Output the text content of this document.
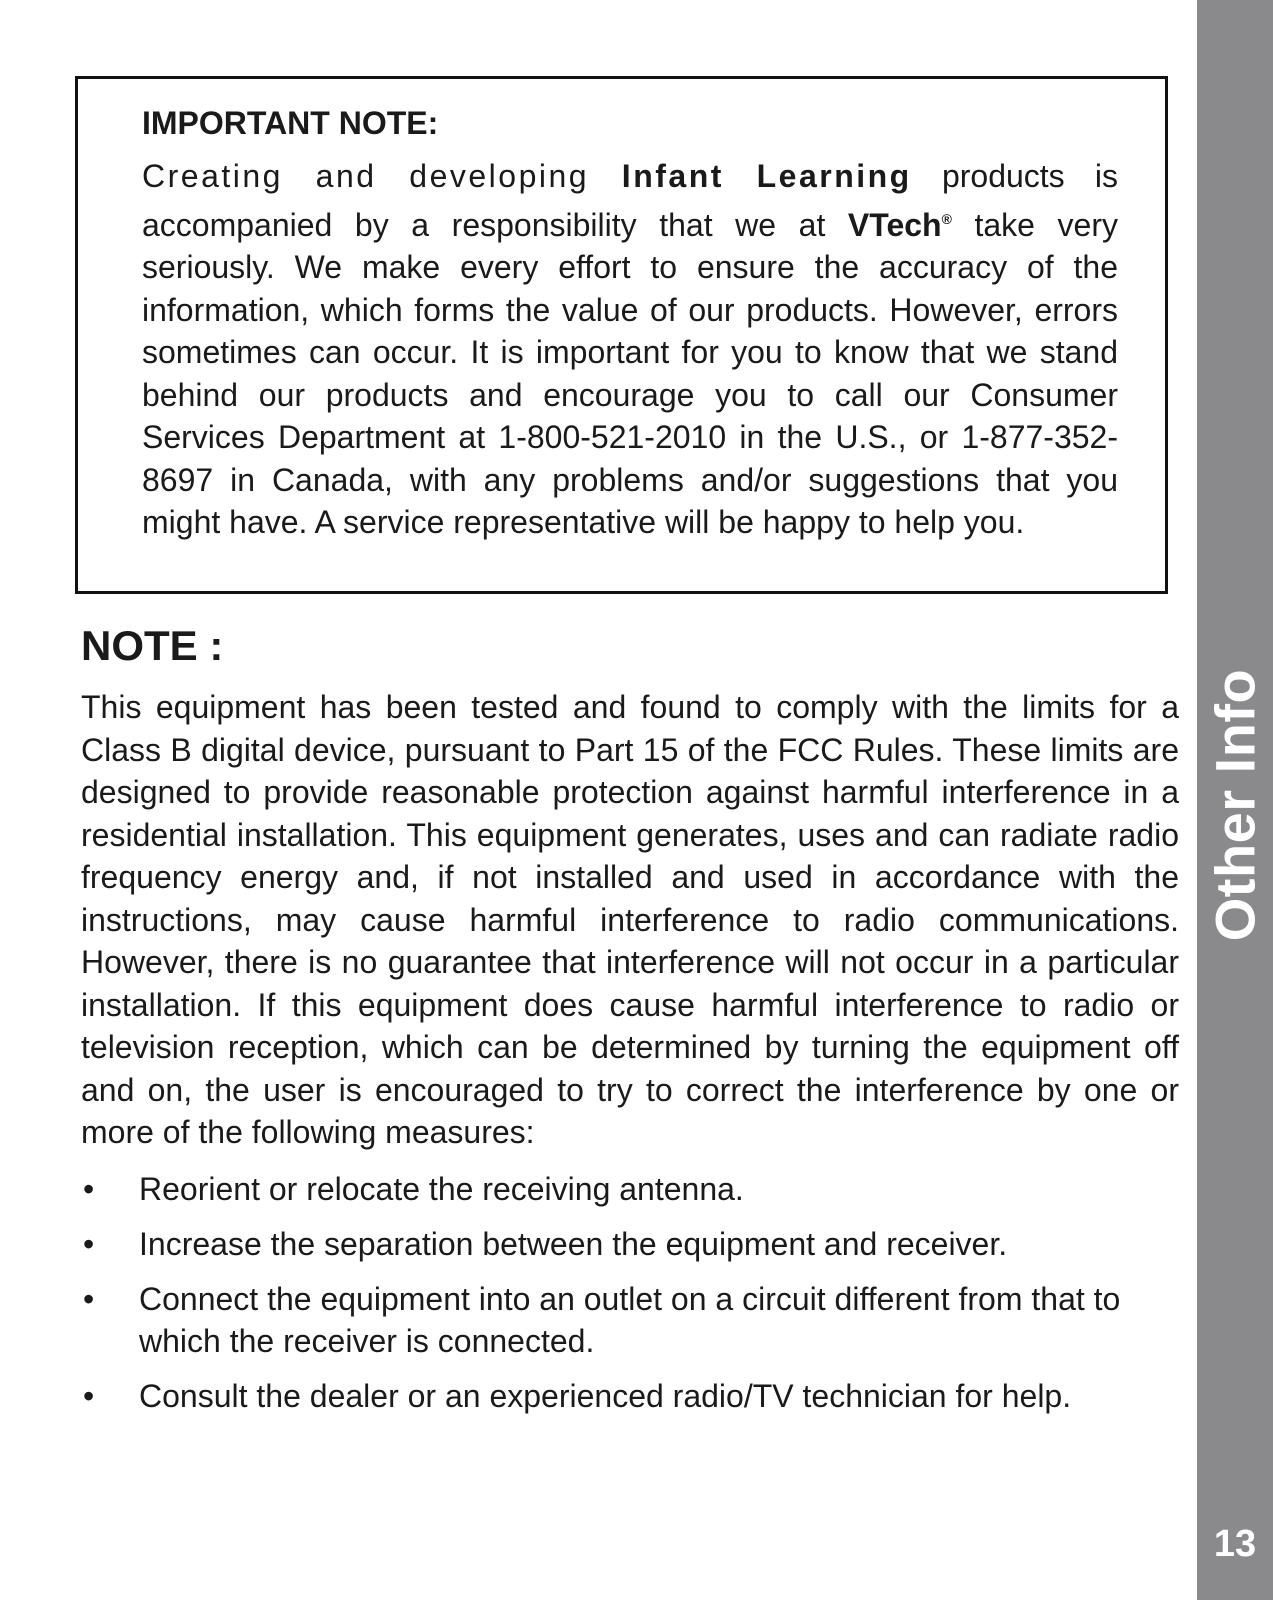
Other Info
13

IMPORTANT NOTE:

Creating and developing Infant Learning products is accompanied by a responsibility that we at VTech® take very seriously. We make every effort to ensure the accuracy of the information, which forms the value of our products. However, errors sometimes can occur. It is important for you to know that we stand behind our products and encourage you to call our Consumer Services Department at 1-800-521-2010 in the U.S., or 1-877-352-8697 in Canada, with any problems and/or suggestions that you might have. A service representative will be happy to help you.

NOTE :

This equipment has been tested and found to comply with the limits for a Class B digital device, pursuant to Part 15 of the FCC Rules. These limits are designed to provide reasonable protection against harmful interference in a residential installation. This equipment generates, uses and can radiate radio frequency energy and, if not installed and used in accordance with the instructions, may cause harmful interference to radio communications. However, there is no guarantee that interference will not occur in a particular installation. If this equipment does cause harmful interference to radio or television reception, which can be determined by turning the equipment off and on, the user is encouraged to try to correct the interference by one or more of the following measures:

• Reorient or relocate the receiving antenna.
• Increase the separation between the equipment and receiver.
• Connect the equipment into an outlet on a circuit different from that to which the receiver is connected.
• Consult the dealer or an experienced radio/TV technician for help.
